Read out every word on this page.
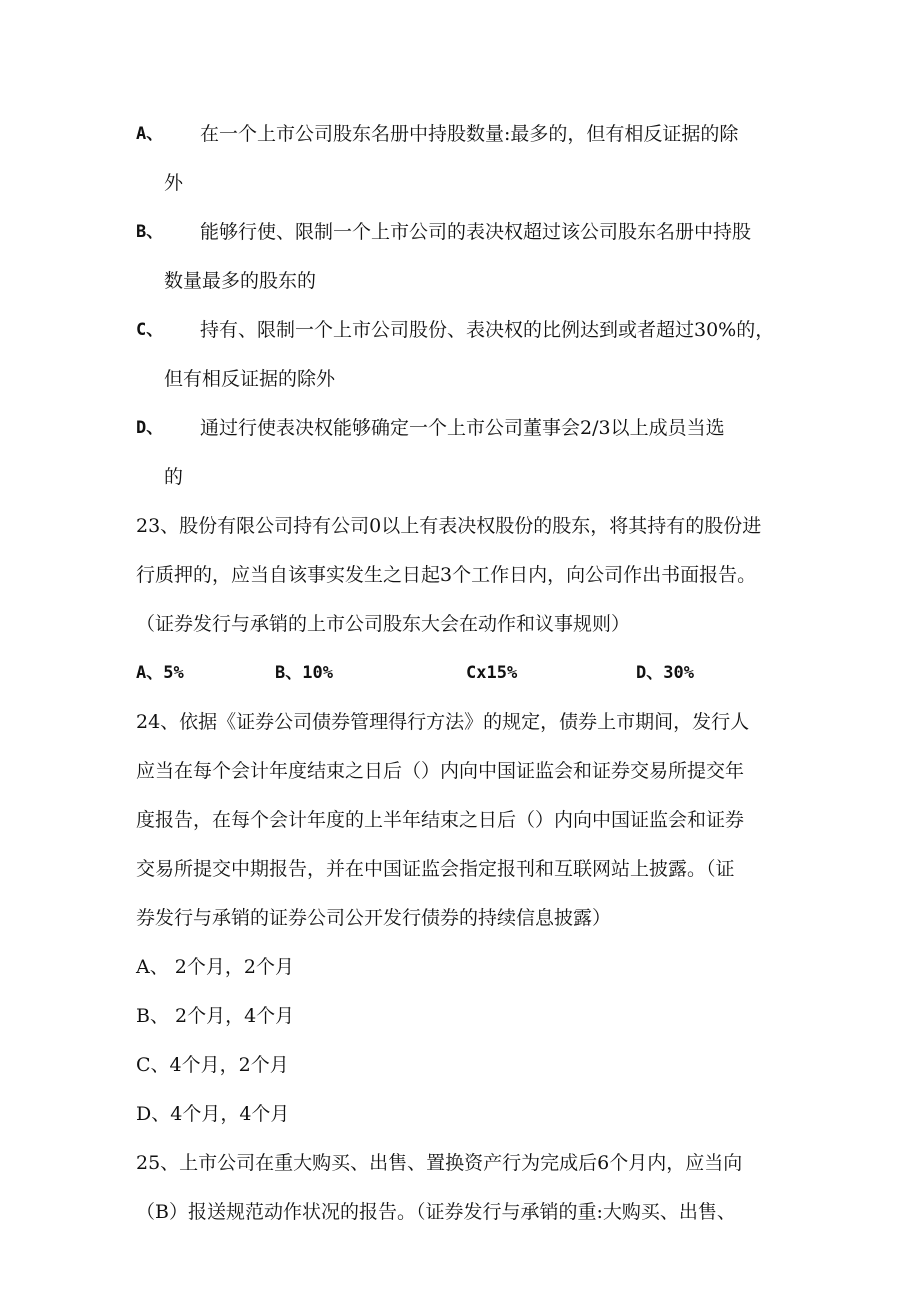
A、 在一个上市公司股东名册中持股数量:最多的，但有相反证据的除
外
B、 能够行使、限制一个上市公司的表决权超过该公司股东名册中持股
数量最多的股东的
C、 持有、限制一个上市公司股份、表决权的比例达到或者超过30%的，
但有相反证据的除外
D、 通过行使表决权能够确定一个上市公司董事会2/3以上成员当选
的
23、股份有限公司持有公司0以上有表决权股份的股东，将其持有的股份进
行质押的，应当自该事实发生之日起3个工作日内，向公司作出书面报告。
（证券发行与承销的上市公司股东大会在动作和议事规则）
A、5%	B、10%	Cx15%	D、30%
24、依据《证券公司债券管理得行方法》的规定，债券上市期间，发行人
应当在每个会计年度结束之日后（）内向中国证监会和证券交易所提交年
度报告，在每个会计年度的上半年结束之日后（）内向中国证监会和证券
交易所提交中期报告，并在中国证监会指定报刊和互联网站上披露。（证
券发行与承销的证券公司公开发行债券的持续信息披露）
A、 2个月，2个月
B、 2个月，4个月
C、4个月，2个月
D、4个月，4个月
25、上市公司在重大购买、出售、置换资产行为完成后6个月内，应当向
（B）报送规范动作状况的报告。（证券发行与承销的重:大购买、出售、
